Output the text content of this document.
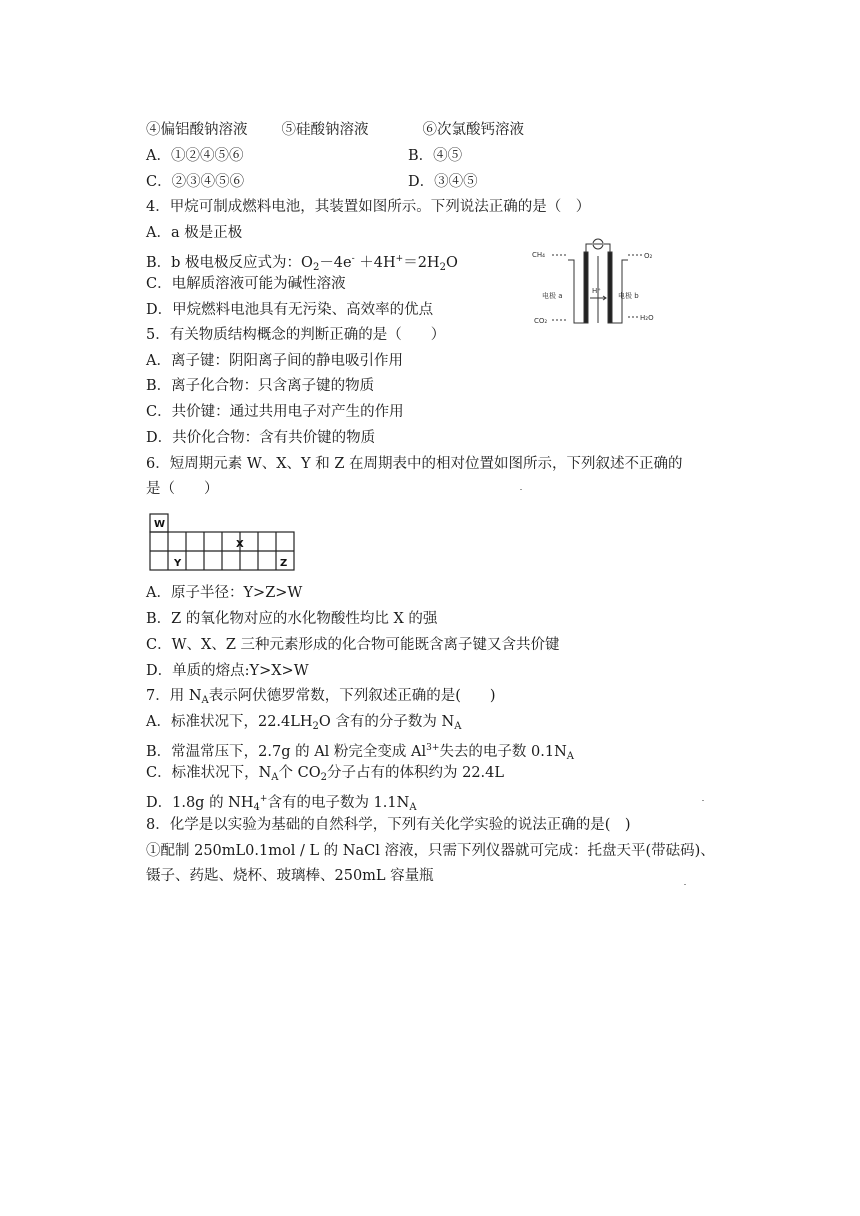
④偏铝酸钠溶液 ⑤硅酸钠溶液	⑥次氯酸钙溶液
A．①②④⑤⑥	B．④⑤
C．②③④⑤⑥	D．③④⑤
4．甲烷可制成燃料电池，其装置如图所示。下列说法正确的是（　）
A．a 极是正极
B．b 极电极反应式为：$O_2-4e^- +4H^+=2H_2O$
C．电解质溶液可能为碱性溶液
D．甲烷燃料电池具有无污染、高效率的优点
CH₄	O₂
电极 a
H⁺
电极 b
CO₂	H₂O
5．有关物质结构概念的判断正确的是（　　）
A．离子键：阴阳离子间的静电吸引作用
B．离子化合物：只含离子键的物质
C．共价键：通过共用电子对产生的作用
D．共价化合物：含有共价键的物质
6．短周期元素 W、X、Y 和 Z 在周期表中的相对位置如图所示，下列叙述不正确的
是（　　）
W
X
Y	Z
A．原子半径：Y>Z>W
B．Z 的氧化物对应的水化物酸性均比 X 的强
C．W、X、Z 三种元素形成的化合物可能既含离子键又含共价键
D．单质的熔点:Y>X>W
7．用 $N_A$表示阿伏德罗常数，下列叙述正确的是(　　)
A．标准状况下，$22.4LH_2O$ 含有的分子数为 $N_A$
B．常温常压下，2.7g 的 Al 粉完全变成 $Al^{3+}$失去的电子数 $0.1N_A$
C．标准状况下，$N_A$个 $CO_2$分子占有的体积约为 22.4L
D．1.8g 的 $NH_4^+$含有的电子数为 $1.1N_A$
8．化学是以实验为基础的自然科学，下列有关化学实验的说法正确的是(　)
①配制 250mL0.1mol / L 的 NaCl 溶液，只需下列仪器就可完成：托盘天平(带砝码)、
镊子、药匙、烧杯、玻璃棒、250mL 容量瓶
